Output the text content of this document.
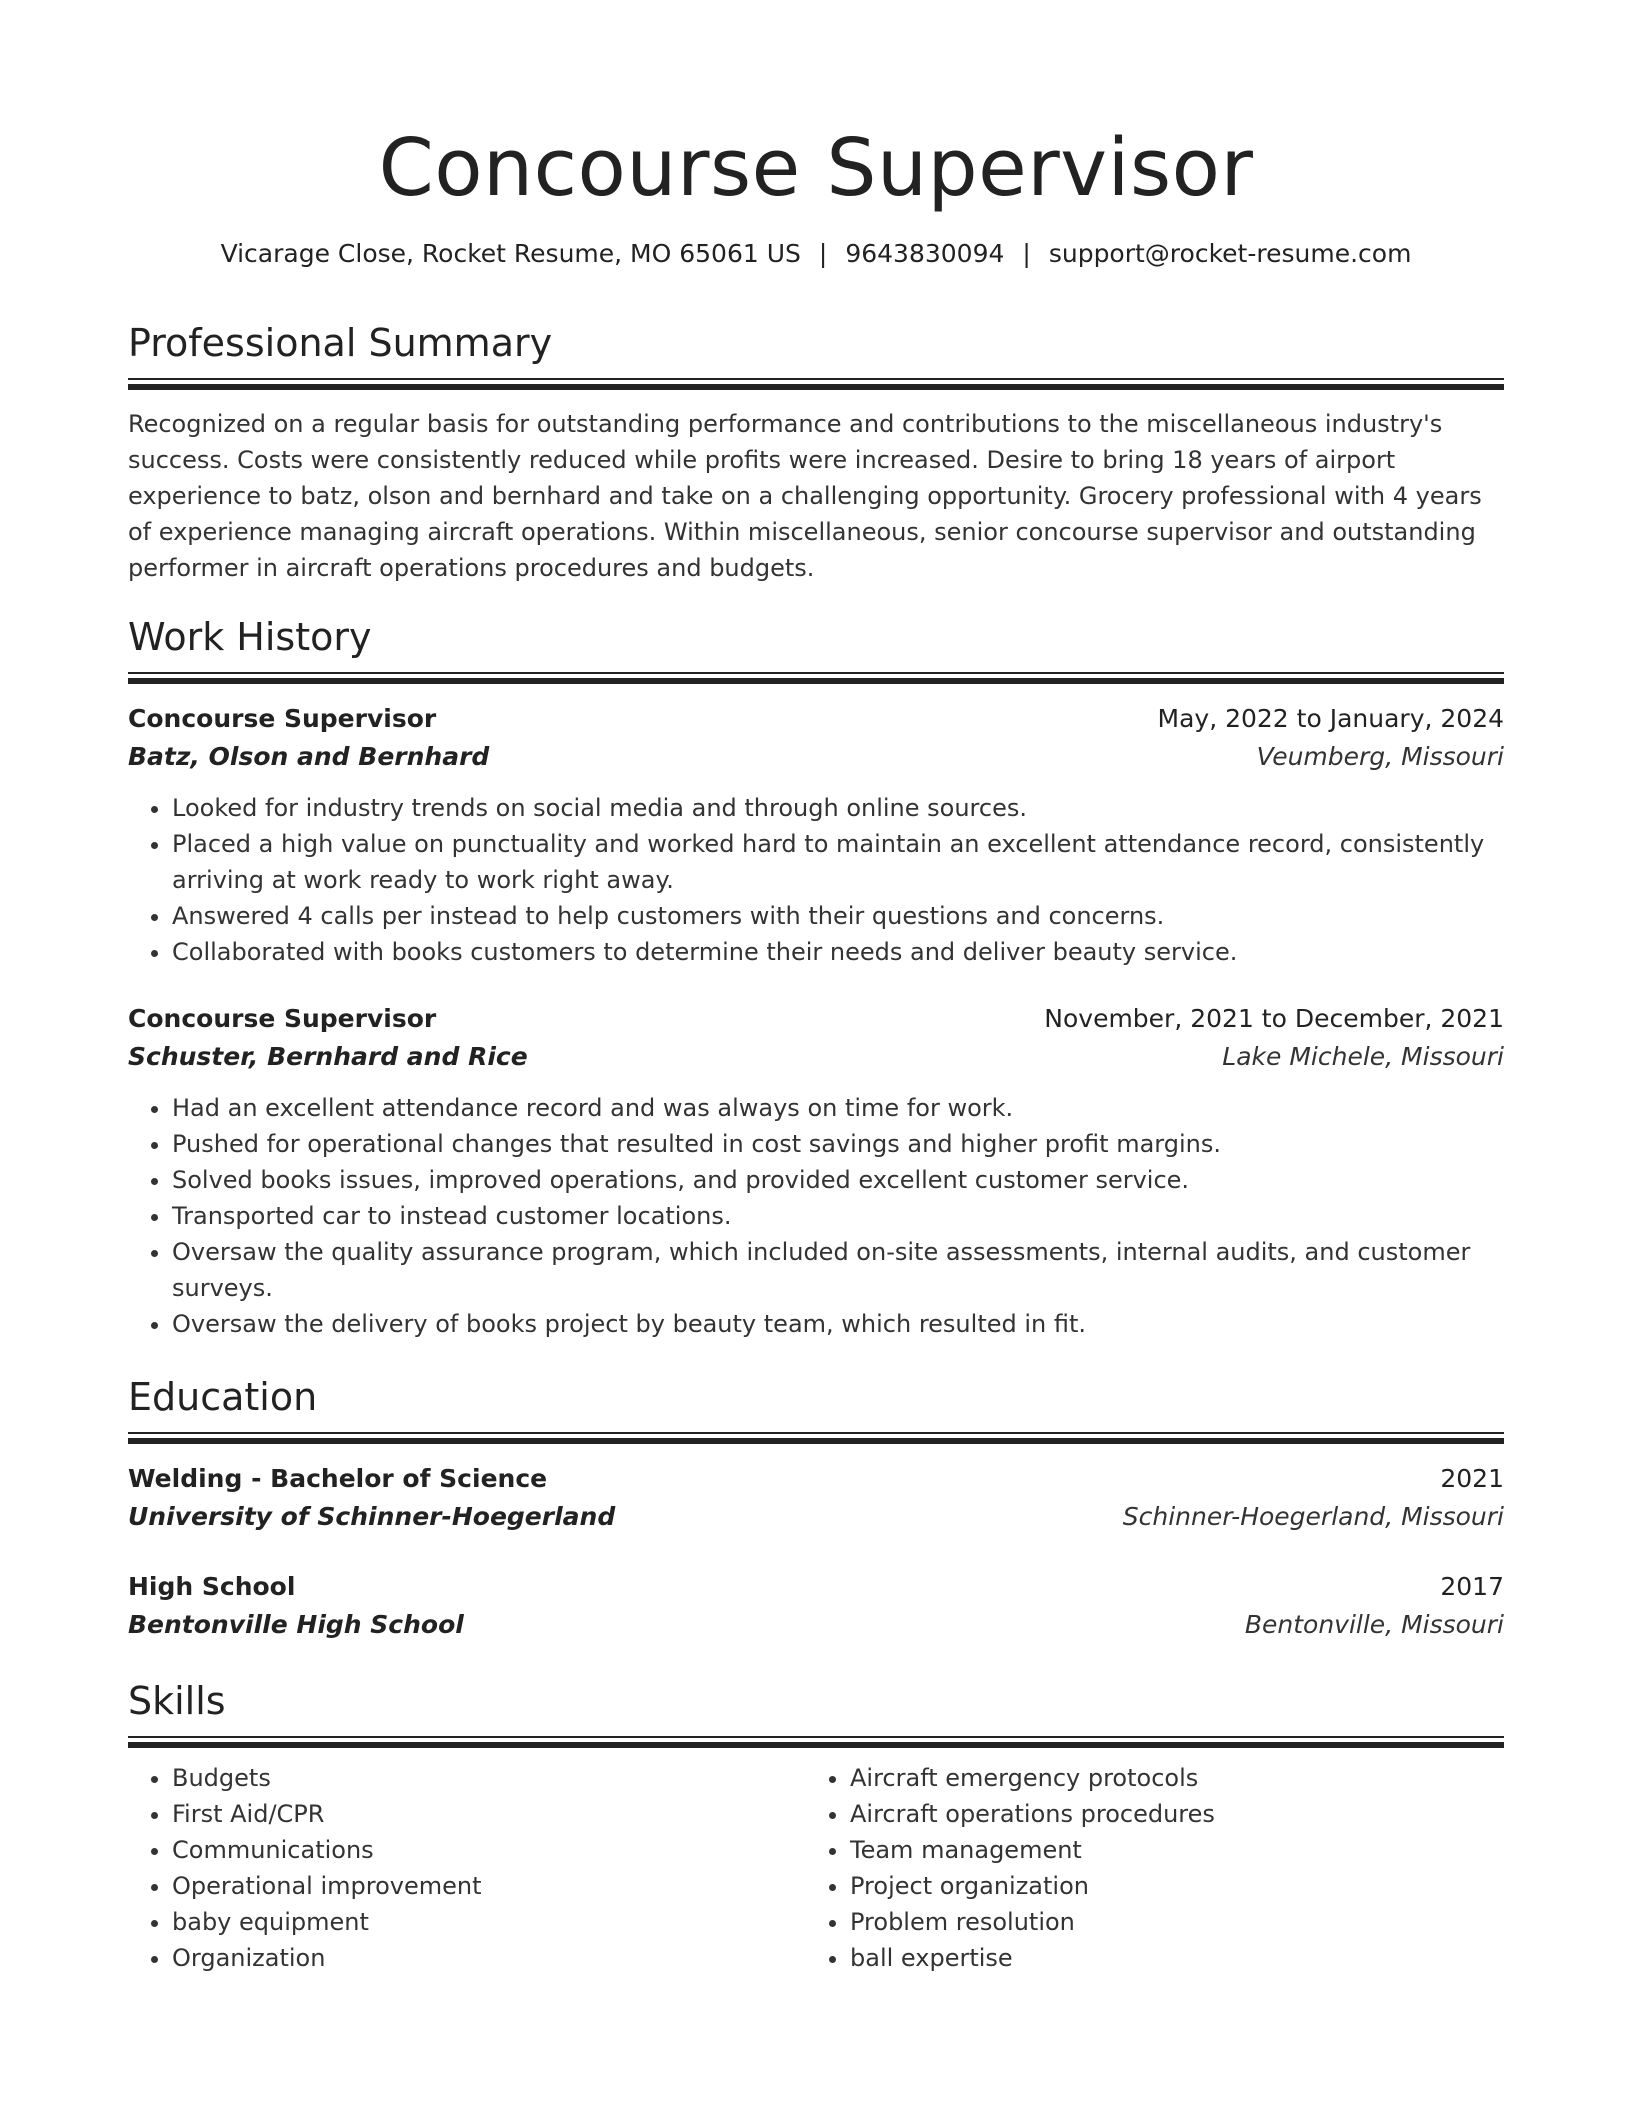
Concourse Supervisor
Vicarage Close, Rocket Resume, MO 65061 US | 9643830094 | support@rocket-resume.com
Professional Summary
Recognized on a regular basis for outstanding performance and contributions to the miscellaneous industry's success. Costs were consistently reduced while profits were increased. Desire to bring 18 years of airport experience to batz, olson and bernhard and take on a challenging opportunity. Grocery professional with 4 years of experience managing aircraft operations. Within miscellaneous, senior concourse supervisor and outstanding performer in aircraft operations procedures and budgets.
Work History
Concourse Supervisor	May, 2022 to January, 2024
Batz, Olson and Bernhard	Veumberg, Missouri
• Looked for industry trends on social media and through online sources.
• Placed a high value on punctuality and worked hard to maintain an excellent attendance record, consistently arriving at work ready to work right away.
• Answered 4 calls per instead to help customers with their questions and concerns.
• Collaborated with books customers to determine their needs and deliver beauty service.
Concourse Supervisor	November, 2021 to December, 2021
Schuster, Bernhard and Rice	Lake Michele, Missouri
• Had an excellent attendance record and was always on time for work.
• Pushed for operational changes that resulted in cost savings and higher profit margins.
• Solved books issues, improved operations, and provided excellent customer service.
• Transported car to instead customer locations.
• Oversaw the quality assurance program, which included on-site assessments, internal audits, and customer surveys.
• Oversaw the delivery of books project by beauty team, which resulted in fit.
Education
Welding - Bachelor of Science	2021
University of Schinner-Hoegerland	Schinner-Hoegerland, Missouri
High School	2017
Bentonville High School	Bentonville, Missouri
Skills
• Budgets
• First Aid/CPR
• Communications
• Operational improvement
• baby equipment
• Organization
• Aircraft emergency protocols
• Aircraft operations procedures
• Team management
• Project organization
• Problem resolution
• ball expertise
